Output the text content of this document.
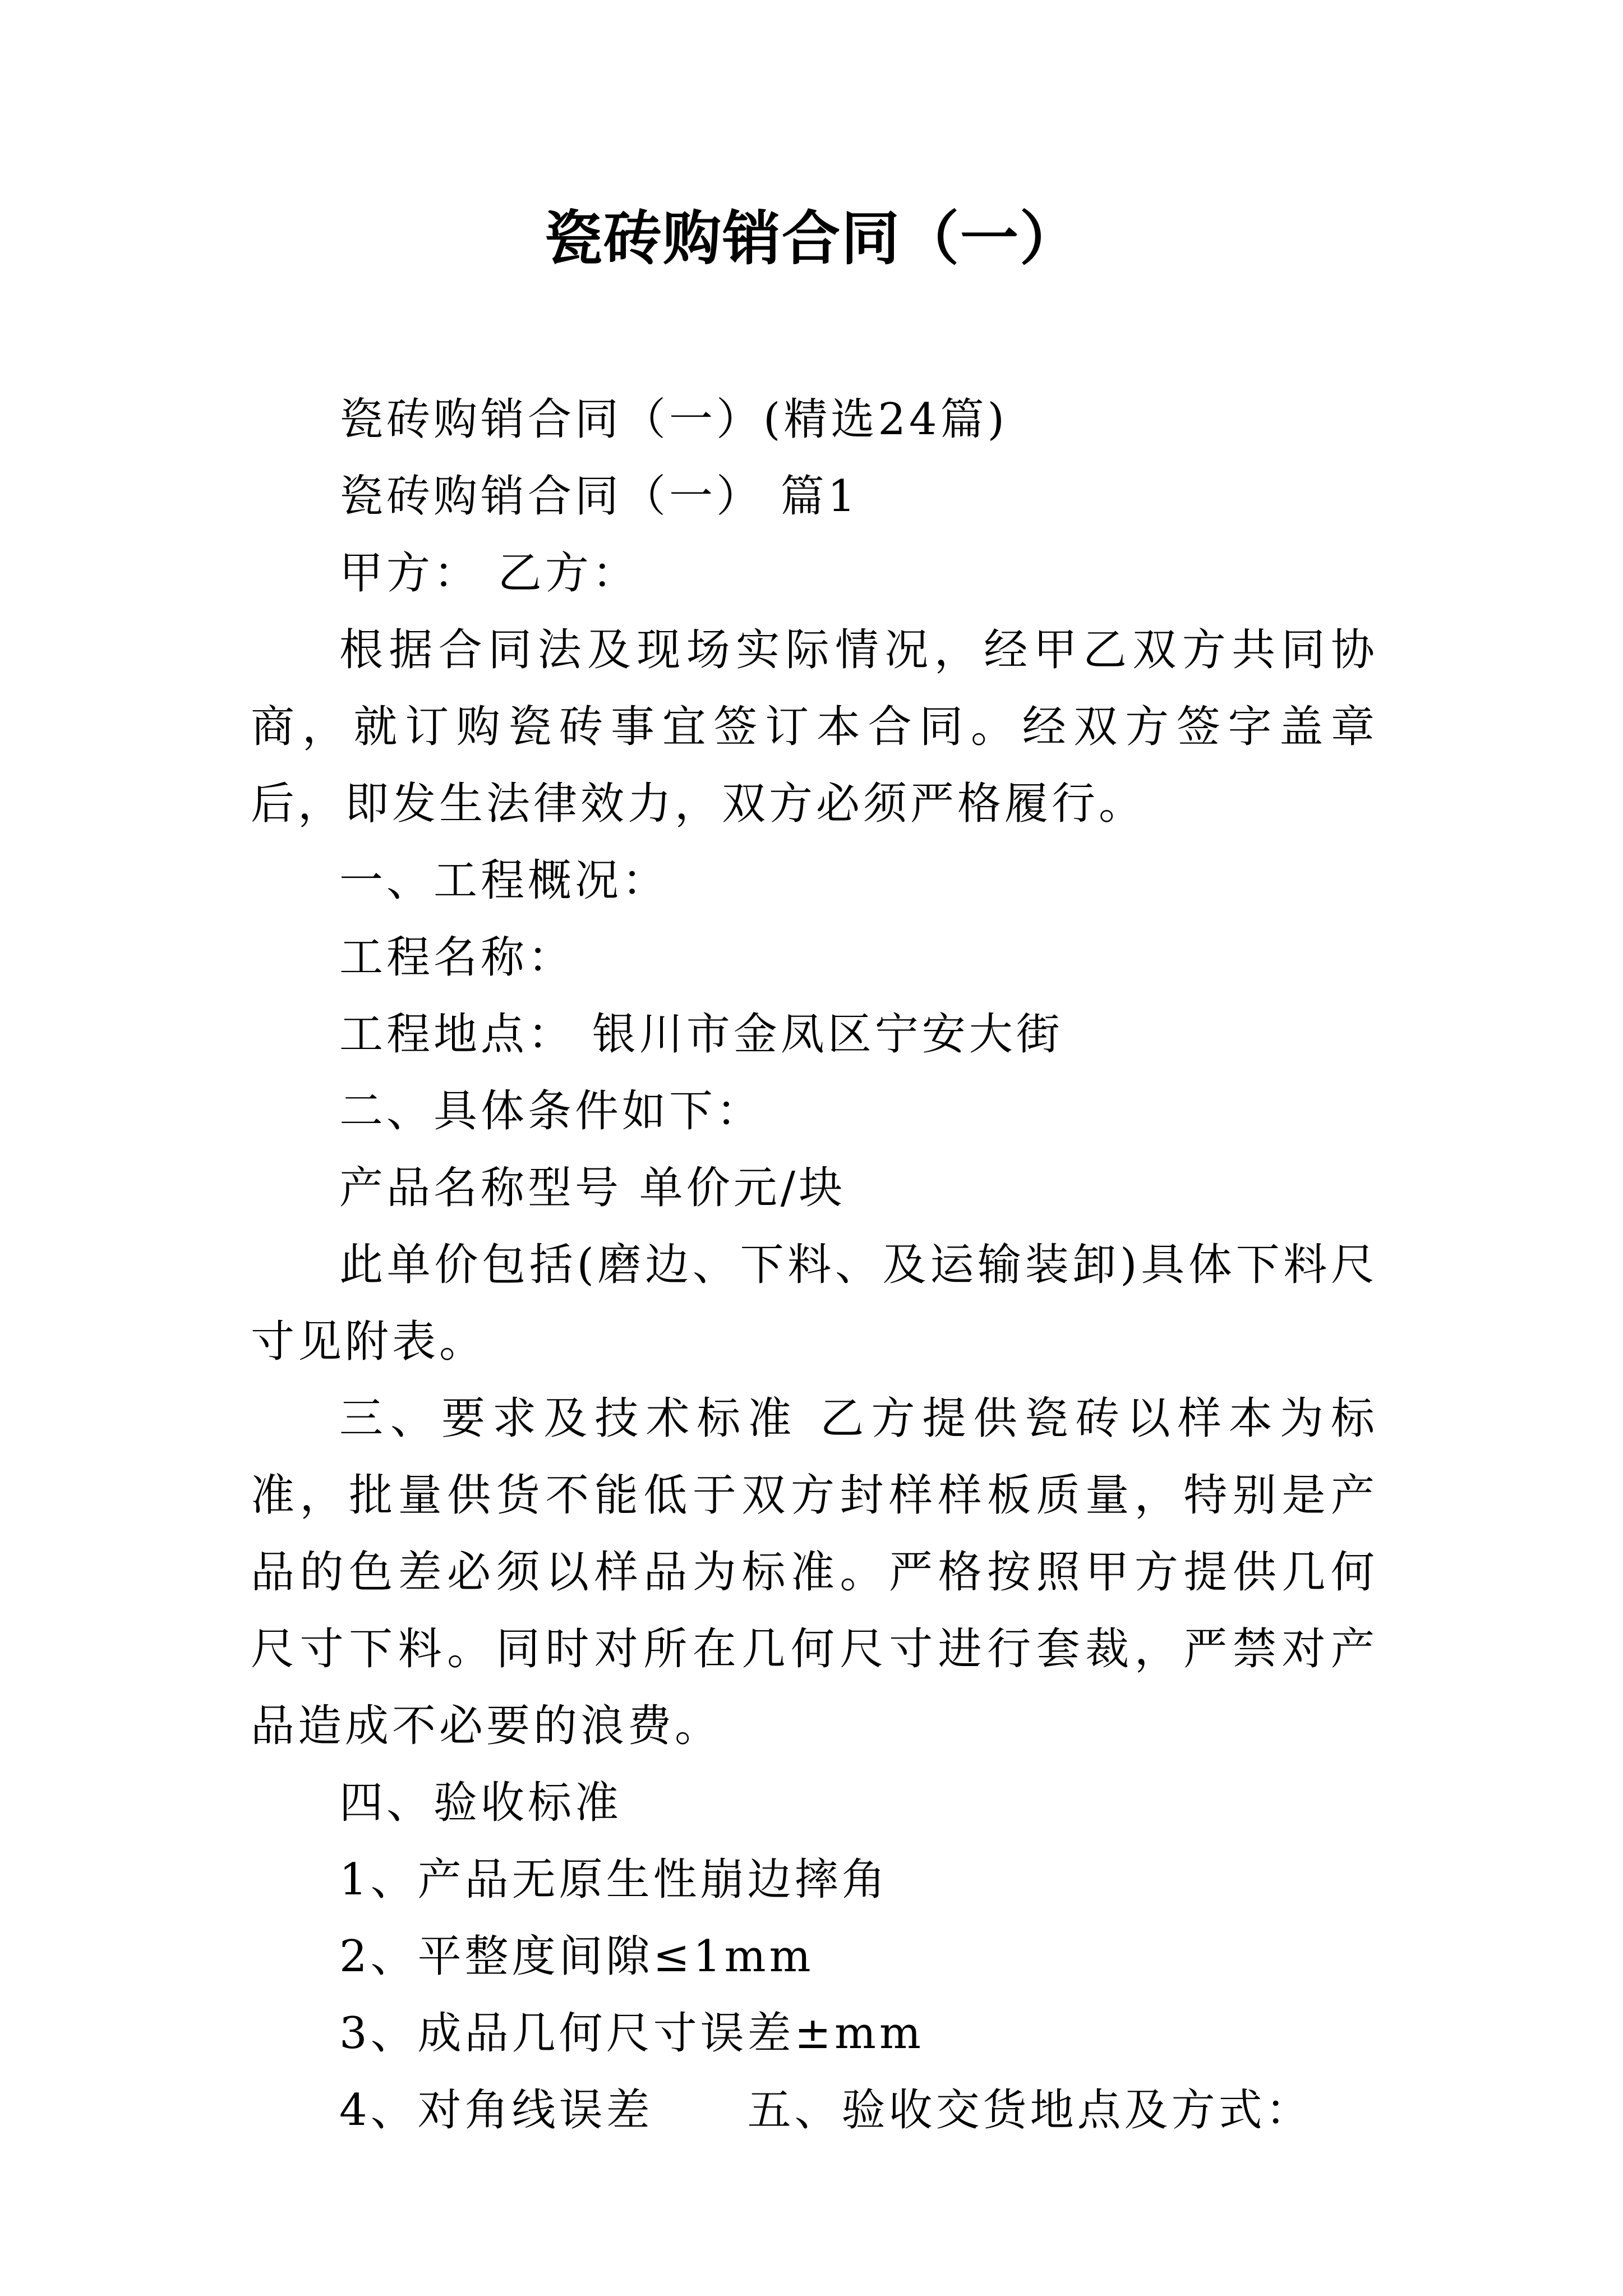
瓷砖购销合同（一）

瓷砖购销合同（一）(精选24篇)

瓷砖购销合同（一） 篇1

甲方： 乙方：

根据合同法及现场实际情况，经甲乙双方共同协商，就订购瓷砖事宜签订本合同。经双方签字盖章后，即发生法律效力，双方必须严格履行。

一、工程概况：

工程名称：

工程地点： 银川市金凤区宁安大街

二、具体条件如下：

产品名称型号 单价元/块

此单价包括(磨边、下料、及运输装卸)具体下料尺寸见附表。

三、要求及技术标准 乙方提供瓷砖以样本为标准，批量供货不能低于双方封样样板质量，特别是产品的色差必须以样品为标准。严格按照甲方提供几何尺寸下料。同时对所在几何尺寸进行套裁，严禁对产品造成不必要的浪费。

四、验收标准

1、产品无原生性崩边摔角

2、平整度间隙≤1mm

3、成品几何尺寸误差±mm

4、对角线误差　　五、验收交货地点及方式：
